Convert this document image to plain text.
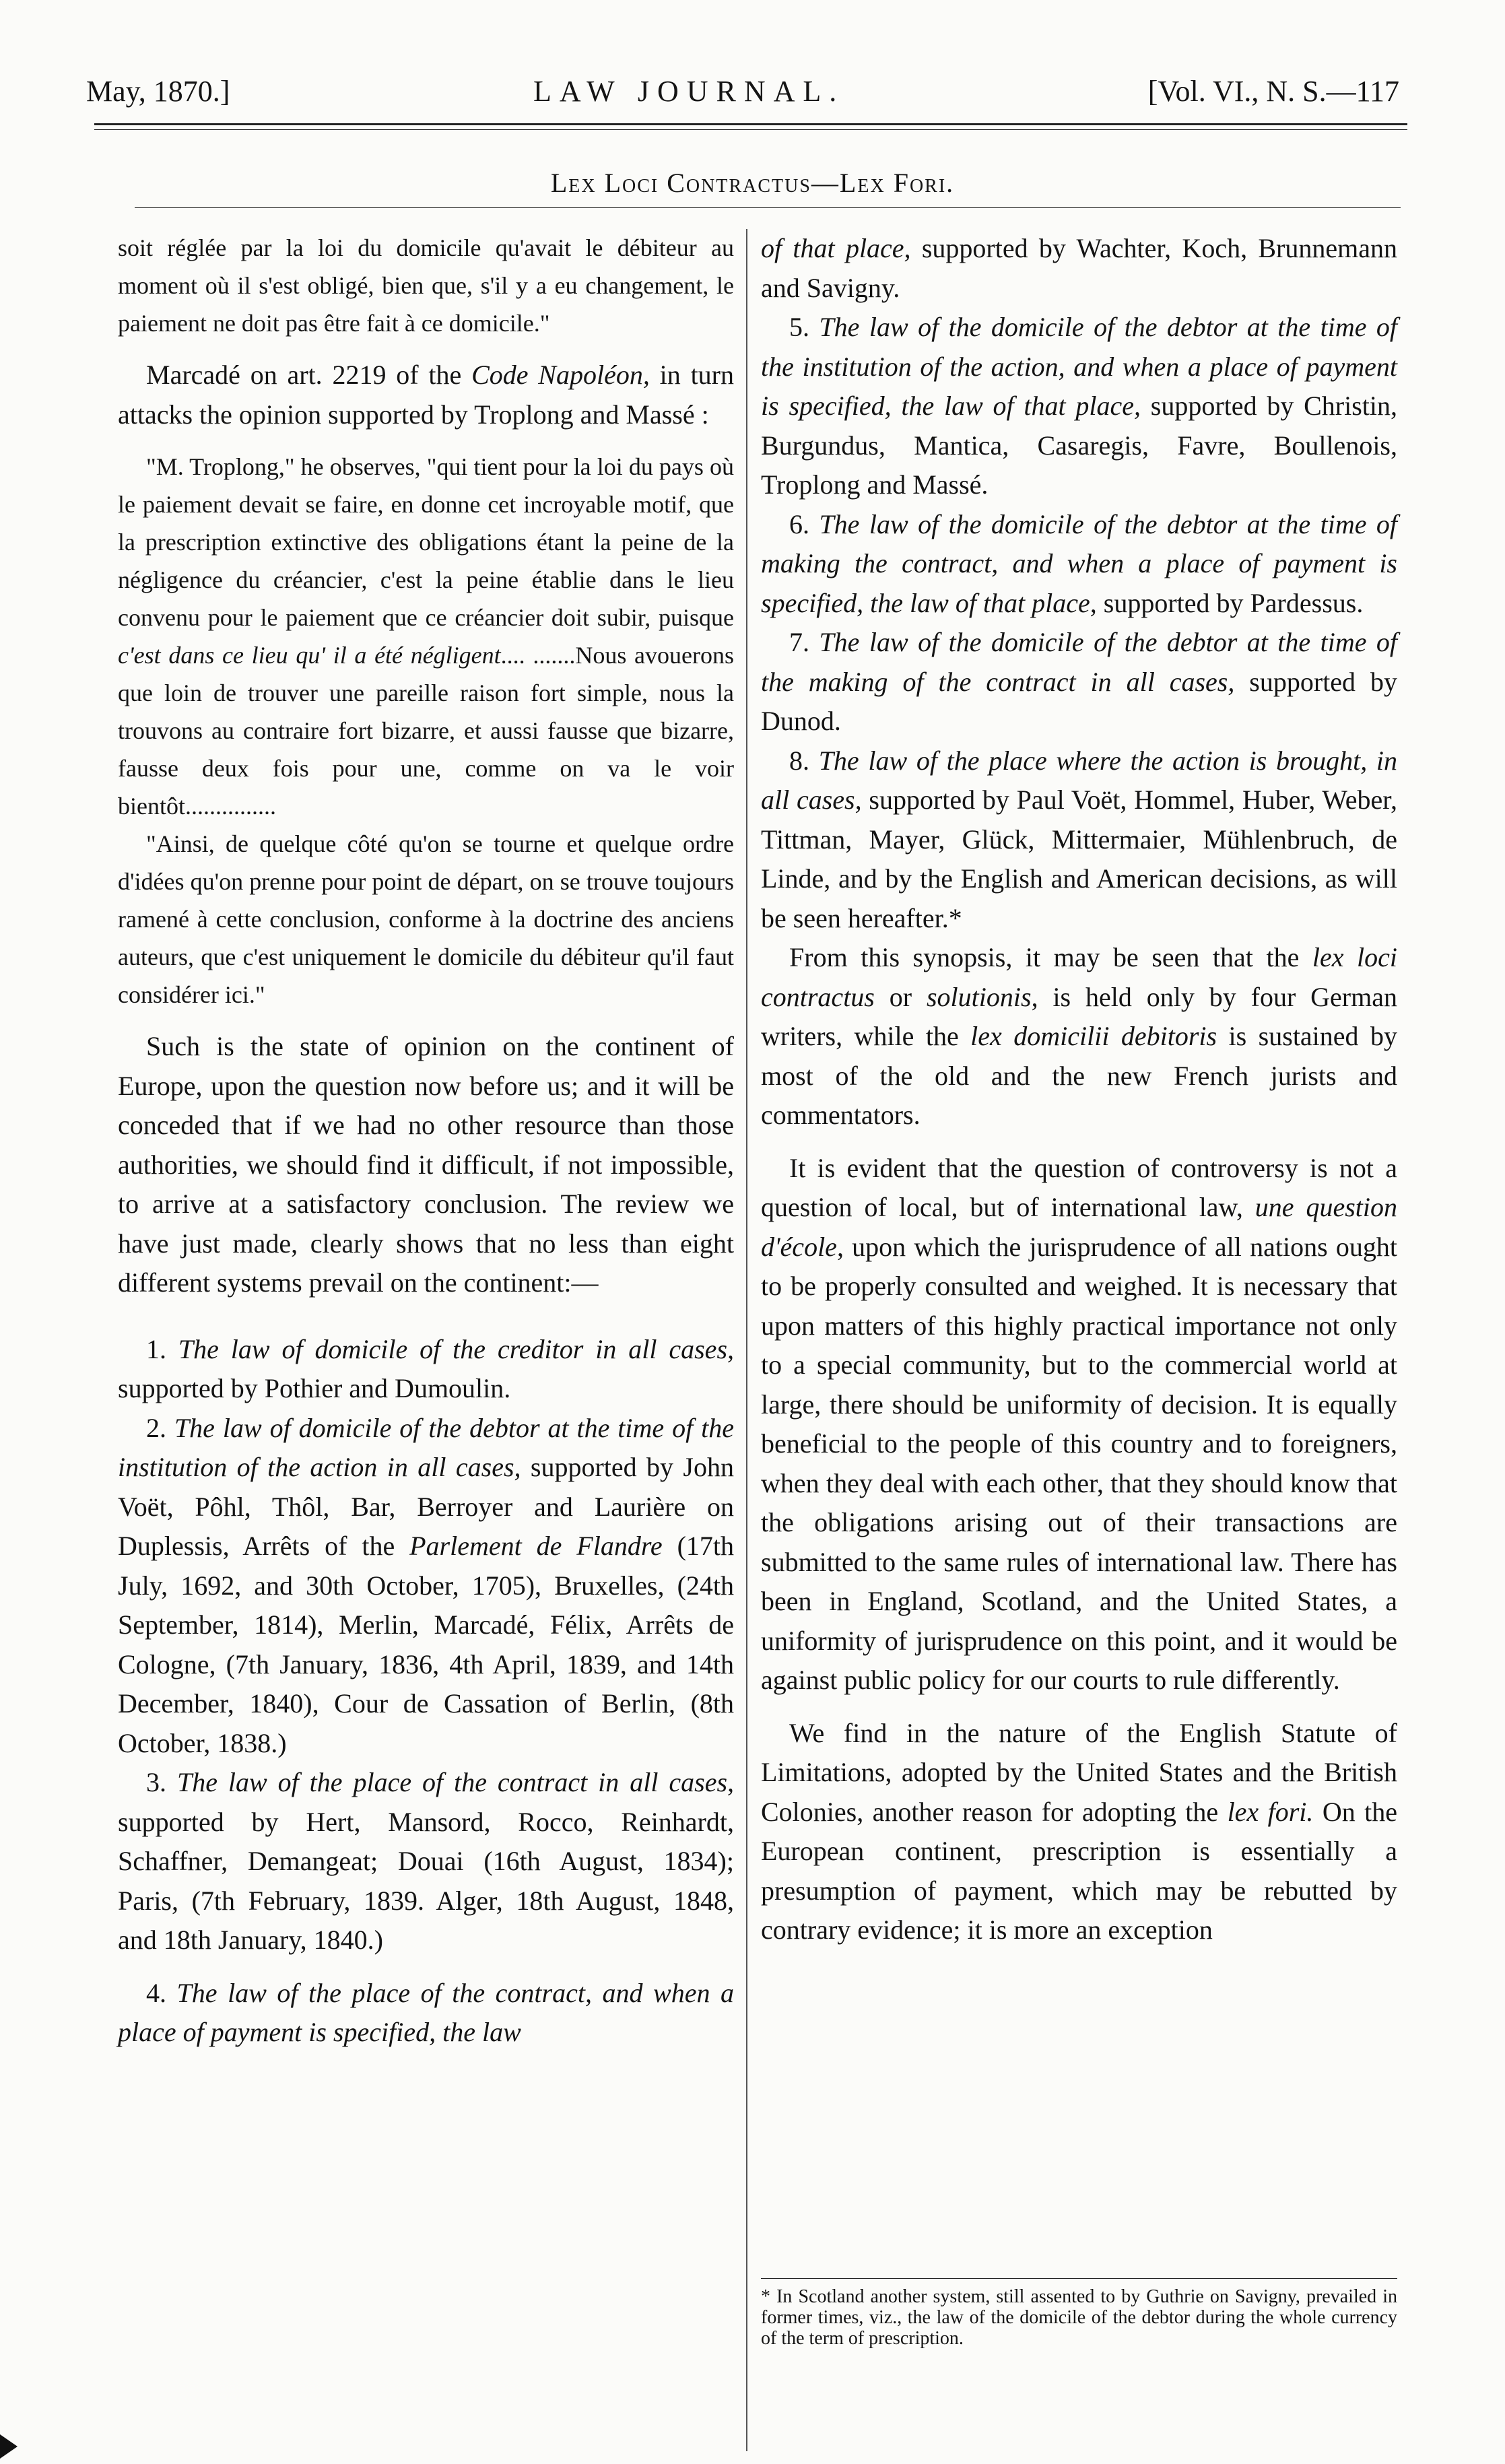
May, 1870.]	LAW JOURNAL.	[Vol. VI., N. S.—117
Lex Loci Contractus—Lex Fori.

soit réglée par la loi du domicile qu'avait le débiteur au moment où il s'est obligé, bien que, s'il y a eu changement, le paiement ne doit pas être fait à ce domicile."

Marcadé on art. 2219 of the Code Napoléon, in turn attacks the opinion supported by Troplong and Massé :

"M. Troplong," he observes, "qui tient pour la loi du pays où le paiement devait se faire, en donne cet incroyable motif, que la prescription extinctive des obligations étant la peine de la négligence du créancier, c'est la peine établie dans le lieu convenu pour le paiement que ce créancier doit subir, puisque c'est dans ce lieu qu' il a été négligent.... .......Nous avouerons que loin de trouver une pareille raison fort simple, nous la trouvons au contraire fort bizarre, et aussi fausse que bizarre, fausse deux fois pour une, comme on va le voir bientôt...............

"Ainsi, de quelque côté qu'on se tourne et quelque ordre d'idées qu'on prenne pour point de départ, on se trouve toujours ramené à cette conclusion, conforme à la doctrine des anciens auteurs, que c'est uniquement le domicile du débiteur qu'il faut considérer ici."

Such is the state of opinion on the continent of Europe, upon the question now before us; and it will be conceded that if we had no other resource than those authorities, we should find it difficult, if not impossible, to arrive at a satisfactory conclusion. The review we have just made, clearly shows that no less than eight different systems prevail on the continent:—

1. The law of domicile of the creditor in all cases, supported by Pothier and Dumoulin.

2. The law of domicile of the debtor at the time of the institution of the action in all cases, supported by John Voët, Pôhl, Thôl, Bar, Berroyer and Laurière on Duplessis, Arrêts of the Parlement de Flandre (17th July, 1692, and 30th October, 1705), Bruxelles, (24th September, 1814), Merlin, Marcadé, Félix, Arrêts de Cologne, (7th January, 1836, 4th April, 1839, and 14th December, 1840), Cour de Cassation of Berlin, (8th October, 1838.)

3. The law of the place of the contract in all cases, supported by Hert, Mansord, Rocco, Reinhardt, Schaffner, Demangeat; Douai (16th August, 1834); Paris, (7th February, 1839. Alger, 18th August, 1848, and 18th January, 1840.)

4. The law of the place of the contract, and when a place of payment is specified, the law

of that place, supported by Wachter, Koch, Brunnemann and Savigny.

5. The law of the domicile of the debtor at the time of the institution of the action, and when a place of payment is specified, the law of that place, supported by Christin, Burgundus, Mantica, Casaregis, Favre, Boullenois, Troplong and Massé.

6. The law of the domicile of the debtor at the time of making the contract, and when a place of payment is specified, the law of that place, supported by Pardessus.

7. The law of the domicile of the debtor at the time of the making of the contract in all cases, supported by Dunod.

8. The law of the place where the action is brought, in all cases, supported by Paul Voët, Hommel, Huber, Weber, Tittman, Mayer, Glück, Mittermaier, Mühlenbruch, de Linde, and by the English and American decisions, as will be seen hereafter.*

From this synopsis, it may be seen that the lex loci contractus or solutionis, is held only by four German writers, while the lex domicilii debitoris is sustained by most of the old and the new French jurists and commentators.

It is evident that the question of controversy is not a question of local, but of international law, une question d'école, upon which the jurisprudence of all nations ought to be properly consulted and weighed. It is necessary that upon matters of this highly practical importance not only to a special community, but to the commercial world at large, there should be uniformity of decision. It is equally beneficial to the people of this country and to foreigners, when they deal with each other, that they should know that the obligations arising out of their transactions are submitted to the same rules of international law. There has been in England, Scotland, and the United States, a uniformity of jurisprudence on this point, and it would be against public policy for our courts to rule differently.

We find in the nature of the English Statute of Limitations, adopted by the United States and the British Colonies, another reason for adopting the lex fori. On the European continent, prescription is essentially a presumption of payment, which may be rebutted by contrary evidence; it is more an exception

* In Scotland another system, still assented to by Guthrie on Savigny, prevailed in former times, viz., the law of the domicile of the debtor during the whole currency of the term of prescription.
